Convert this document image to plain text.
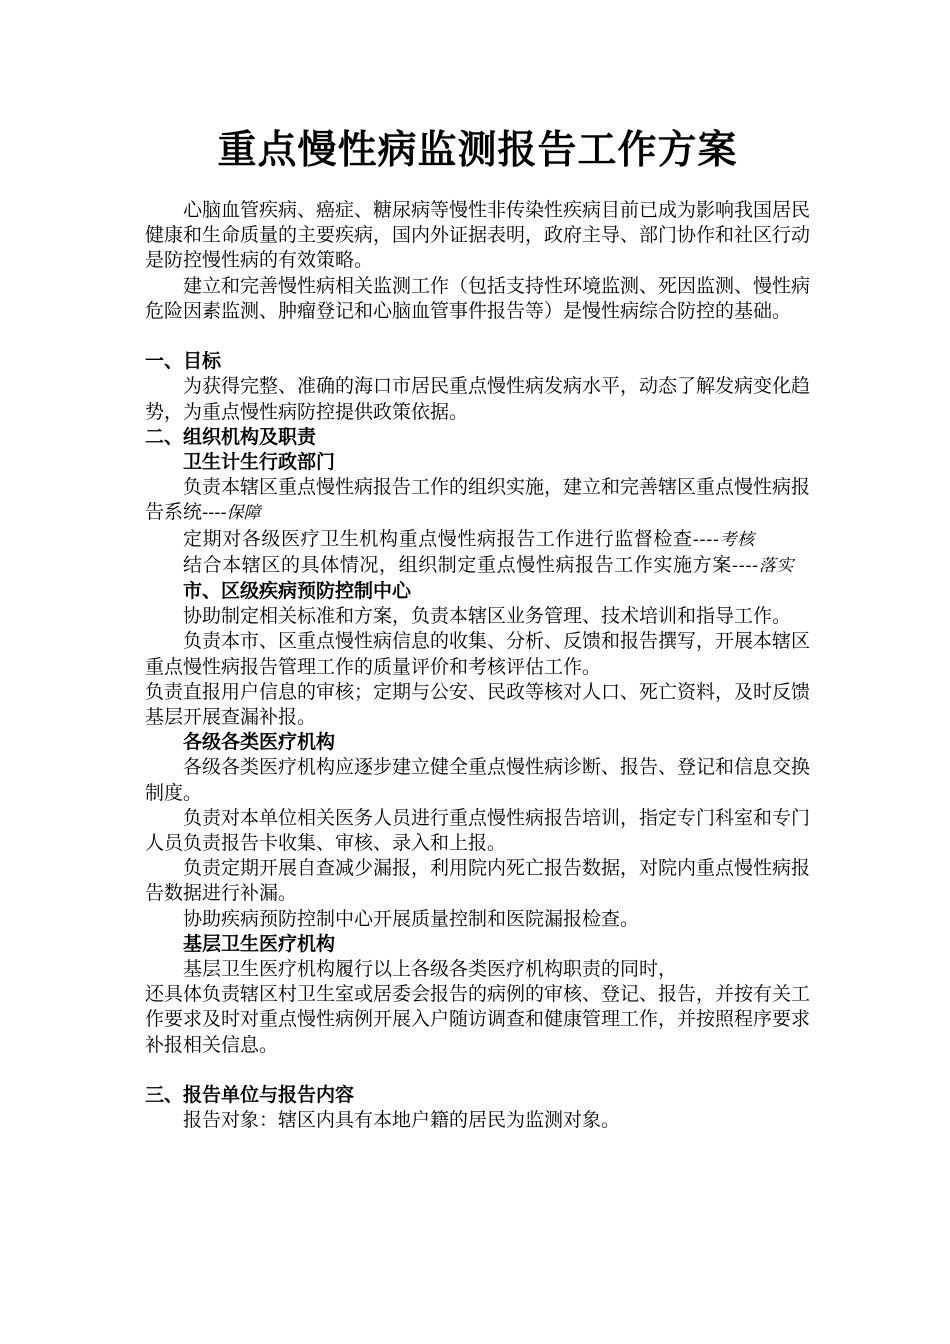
重点慢性病监测报告工作方案

心脑血管疾病、癌症、糖尿病等慢性非传染性疾病目前已成为影响我国居民健康和生命质量的主要疾病，国内外证据表明，政府主导、部门协作和社区行动是防控慢性病的有效策略。

建立和完善慢性病相关监测工作（包括支持性环境监测、死因监测、慢性病危险因素监测、肿瘤登记和心脑血管事件报告等）是慢性病综合防控的基础。

一、目标

为获得完整、准确的海口市居民重点慢性病发病水平，动态了解发病变化趋势，为重点慢性病防控提供政策依据。

二、组织机构及职责

卫生计生行政部门

负责本辖区重点慢性病报告工作的组织实施，建立和完善辖区重点慢性病报告系统----保障

定期对各级医疗卫生机构重点慢性病报告工作进行监督检查----考核

结合本辖区的具体情况，组织制定重点慢性病报告工作实施方案----落实

市、区级疾病预防控制中心

协助制定相关标准和方案，负责本辖区业务管理、技术培训和指导工作。

负责本市、区重点慢性病信息的收集、分析、反馈和报告撰写，开展本辖区重点慢性病报告管理工作的质量评价和考核评估工作。

负责直报用户信息的审核；定期与公安、民政等核对人口、死亡资料，及时反馈基层开展查漏补报。

各级各类医疗机构

各级各类医疗机构应逐步建立健全重点慢性病诊断、报告、登记和信息交换制度。

负责对本单位相关医务人员进行重点慢性病报告培训，指定专门科室和专门人员负责报告卡收集、审核、录入和上报。

负责定期开展自查减少漏报，利用院内死亡报告数据，对院内重点慢性病报告数据进行补漏。

协助疾病预防控制中心开展质量控制和医院漏报检查。

基层卫生医疗机构

基层卫生医疗机构履行以上各级各类医疗机构职责的同时，

还具体负责辖区村卫生室或居委会报告的病例的审核、登记、报告，并按有关工作要求及时对重点慢性病例开展入户随访调查和健康管理工作，并按照程序要求补报相关信息。

三、报告单位与报告内容

报告对象：辖区内具有本地户籍的居民为监测对象。
